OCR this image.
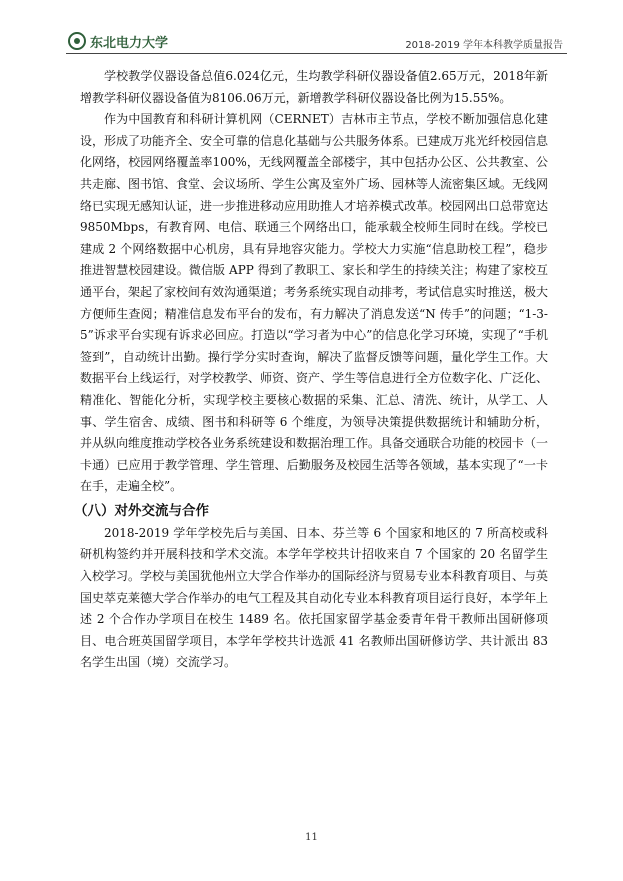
东北电力大学	2018-2019 学年本科教学质量报告

学校教学仪器设备总值6.024亿元，生均教学科研仪器设备值2.65万元，2018年新增教学科研仪器设备值为8106.06万元，新增教学科研仪器设备比例为15.55%。

作为中国教育和科研计算机网（CERNET）吉林市主节点，学校不断加强信息化建设，形成了功能齐全、安全可靠的信息化基础与公共服务体系。已建成万兆光纤校园信息化网络，校园网络覆盖率100%，无线网覆盖全部楼宇，其中包括办公区、公共教室、公共走廊、图书馆、食堂、会议场所、学生公寓及室外广场、园林等人流密集区域。无线网络已实现无感知认证，进一步推进移动应用助推人才培养模式改革。校园网出口总带宽达 9850Mbps，有教育网、电信、联通三个网络出口，能承载全校师生同时在线。学校已建成 2 个网络数据中心机房，具有异地容灾能力。学校大力实施“信息助校工程”，稳步推进智慧校园建设。微信版 APP 得到了教职工、家长和学生的持续关注；构建了家校互通平台，架起了家校间有效沟通渠道；考务系统实现自动排考，考试信息实时推送，极大方便师生查阅；精准信息发布平台的发布，有力解决了消息发送“N 传手”的问题；“1-3-5”诉求平台实现有诉求必回应。打造以“学习者为中心”的信息化学习环境，实现了“手机签到”，自动统计出勤。操行学分实时查询，解决了监督反馈等问题，量化学生工作。大数据平台上线运行，对学校教学、师资、资产、学生等信息进行全方位数字化、广泛化、精准化、智能化分析，实现学校主要核心数据的采集、汇总、清洗、统计，从学工、人事、学生宿舍、成绩、图书和科研等 6 个维度，为领导决策提供数据统计和辅助分析，并从纵向维度推动学校各业务系统建设和数据治理工作。具备交通联合功能的校园卡（一卡通）已应用于教学管理、学生管理、后勤服务及校园生活等各领域，基本实现了“一卡在手，走遍全校”。

（八）对外交流与合作

2018-2019 学年学校先后与美国、日本、芬兰等 6 个国家和地区的 7 所高校或科研机构签约并开展科技和学术交流。本学年学校共计招收来自 7 个国家的 20 名留学生入校学习。学校与美国犹他州立大学合作举办的国际经济与贸易专业本科教育项目、与英国史萃克莱德大学合作举办的电气工程及其自动化专业本科教育项目运行良好，本学年上述 2 个合作办学项目在校生 1489 名。依托国家留学基金委青年骨干教师出国研修项目、电合班英国留学项目，本学年学校共计选派 41 名教师出国研修访学、共计派出 83 名学生出国（境）交流学习。

11
